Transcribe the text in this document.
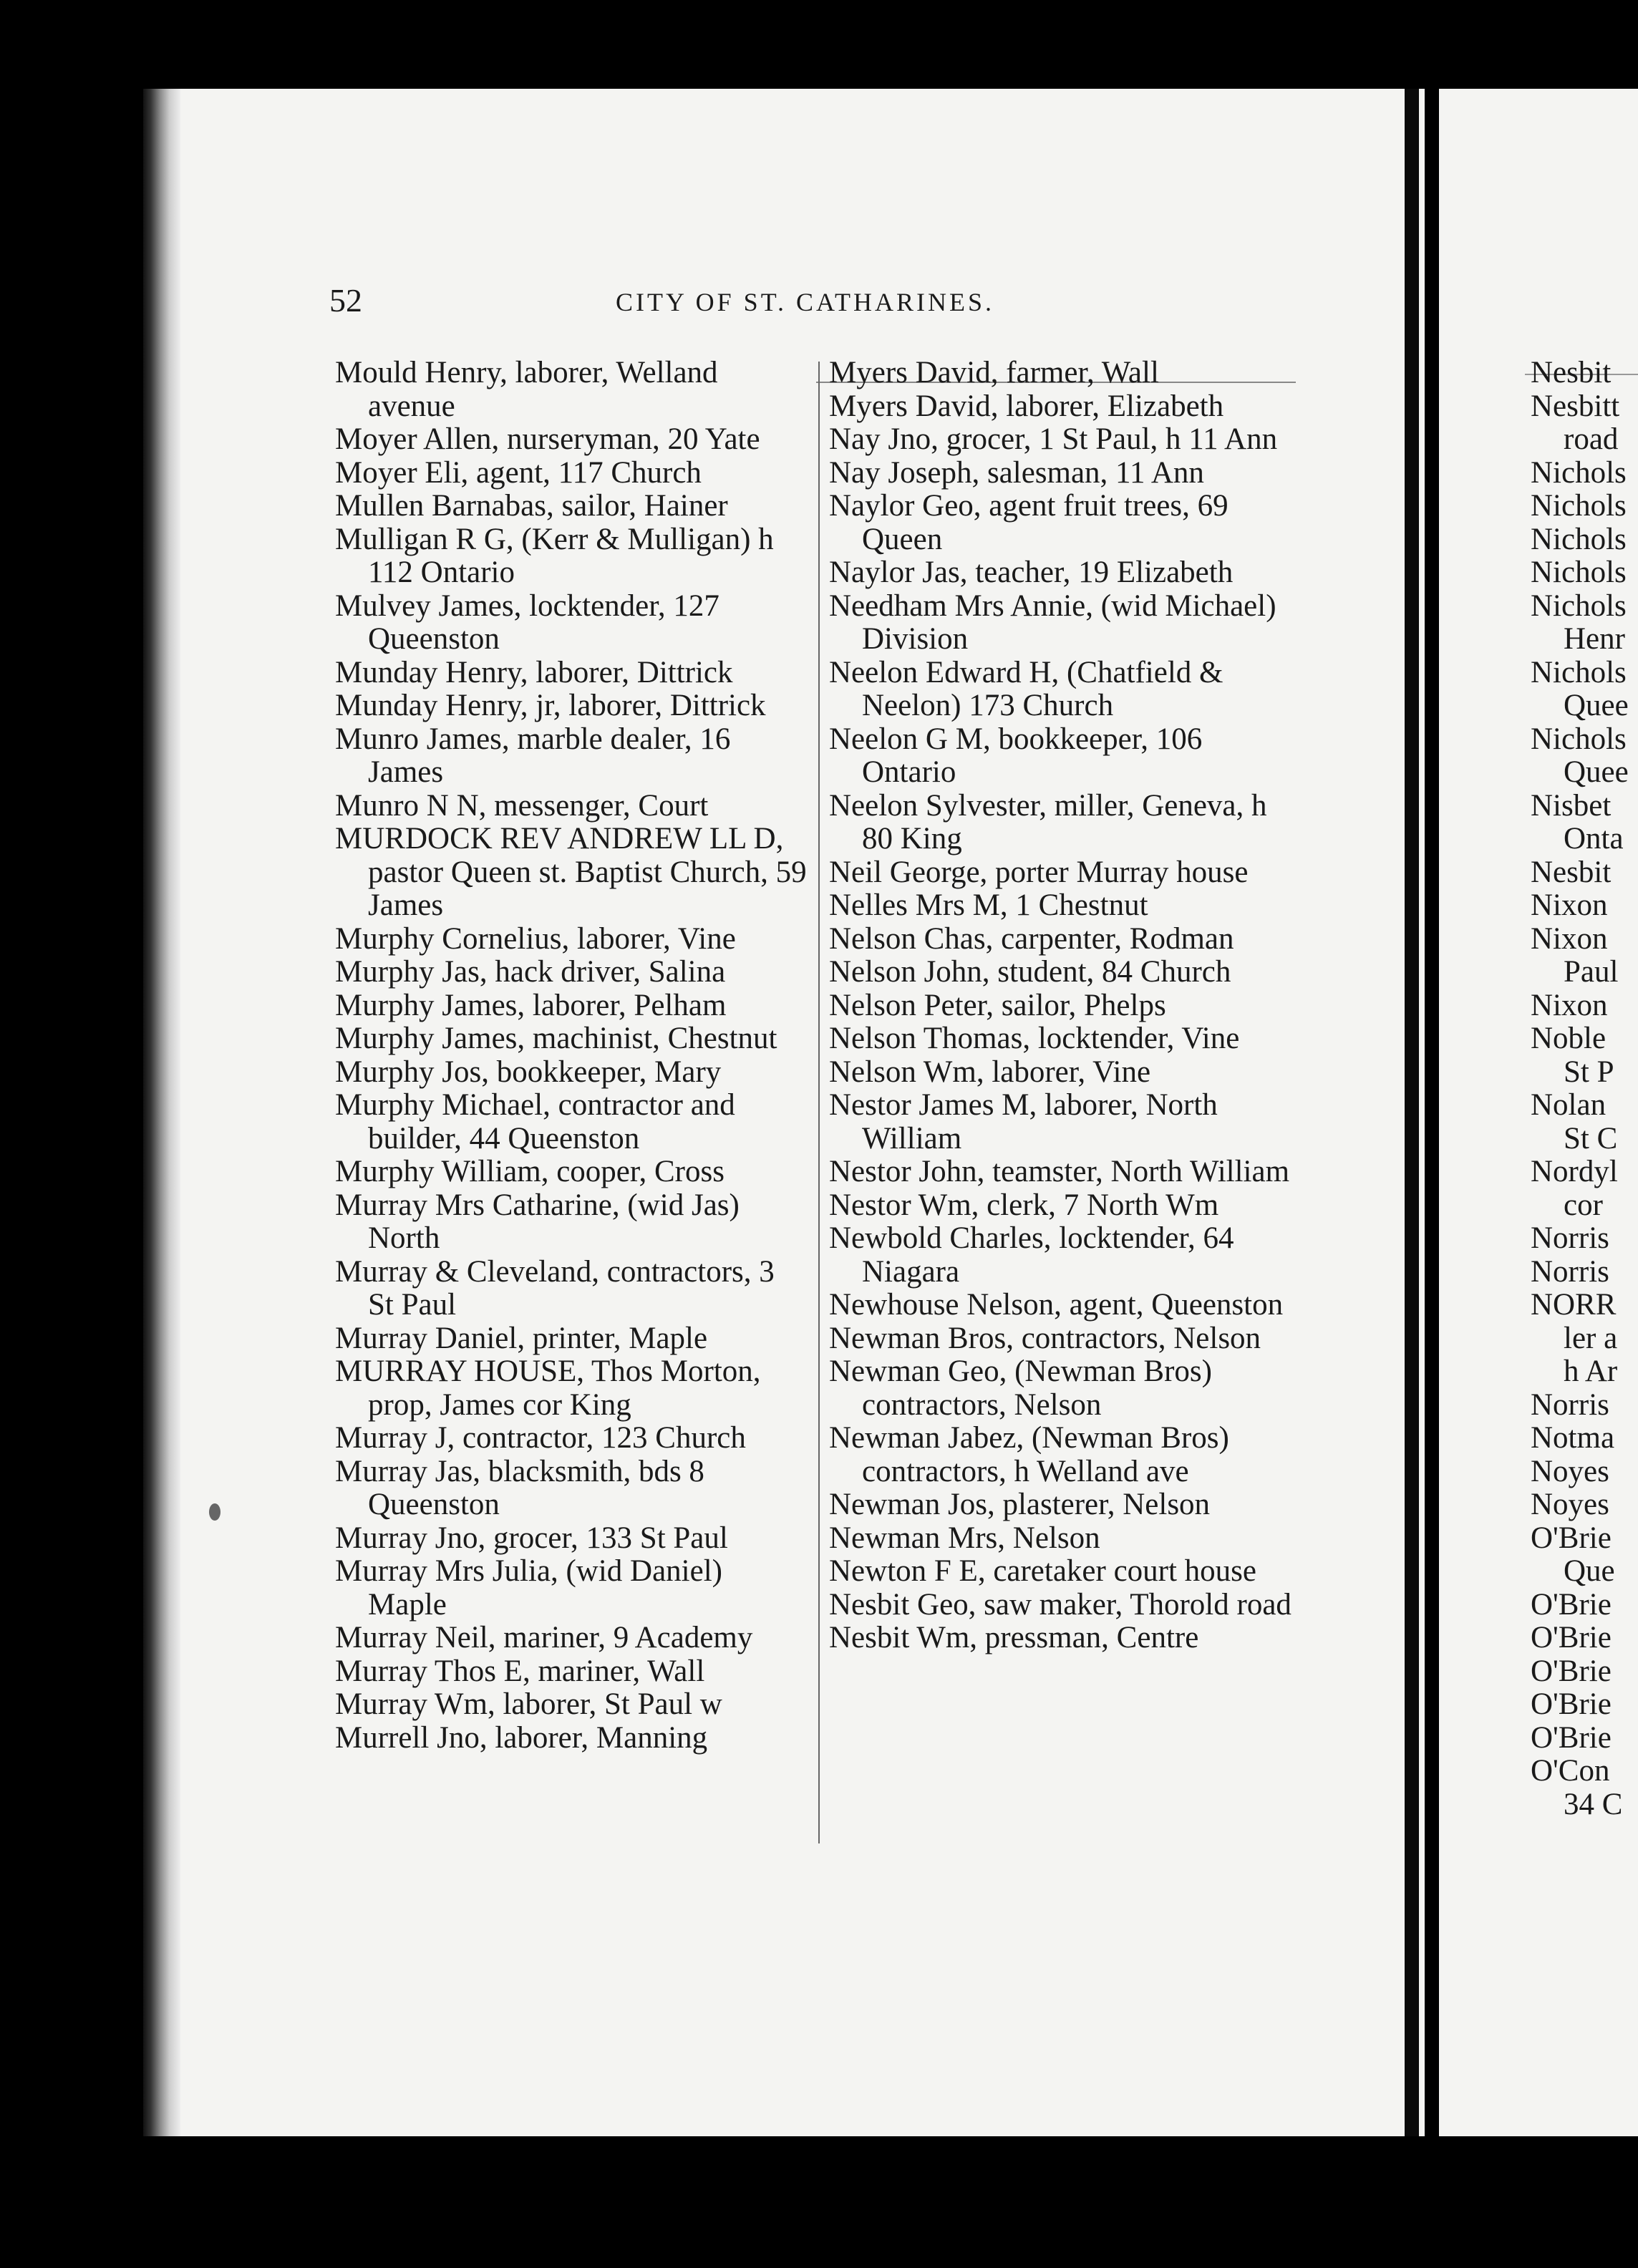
52	CITY OF ST. CATHARINES.
Mould Henry, laborer, Welland avenue
Moyer Allen, nurseryman, 20 Yate
Moyer Eli, agent, 117 Church
Mullen Barnabas, sailor, Hainer
Mulligan R G, (Kerr & Mulligan) h 112 Ontario
Mulvey James, locktender, 127 Queenston
Munday Henry, laborer, Dittrick
Munday Henry, jr, laborer, Dittrick
Munro James, marble dealer, 16 James
Munro N N, messenger, Court
MURDOCK REV ANDREW LL D, pastor Queen st. Baptist Church, 59 James
Murphy Cornelius, laborer, Vine
Murphy Jas, hack driver, Salina
Murphy James, laborer, Pelham
Murphy James, machinist, Chestnut
Murphy Jos, bookkeeper, Mary
Murphy Michael, contractor and builder, 44 Queenston
Murphy William, cooper, Cross
Murray Mrs Catharine, (wid Jas) North
Murray & Cleveland, contractors, 3 St Paul
Murray Daniel, printer, Maple
MURRAY HOUSE, Thos Morton, prop, James cor King
Murray J, contractor, 123 Church
Murray Jas, blacksmith, bds 8 Queenston
Murray Jno, grocer, 133 St Paul
Murray Mrs Julia, (wid Daniel) Maple
Murray Neil, mariner, 9 Academy
Murray Thos E, mariner, Wall
Murray Wm, laborer, St Paul w
Murrell Jno, laborer, Manning
Myers David, farmer, Wall
Myers David, laborer, Elizabeth
Nay Jno, grocer, 1 St Paul, h 11 Ann
Nay Joseph, salesman, 11 Ann
Naylor Geo, agent fruit trees, 69 Queen
Naylor Jas, teacher, 19 Elizabeth
Needham Mrs Annie, (wid Michael) Division
Neelon Edward H, (Chatfield & Neelon) 173 Church
Neelon G M, bookkeeper, 106 Ontario
Neelon Sylvester, miller, Geneva, h 80 King
Neil George, porter Murray house
Nelles Mrs M, 1 Chestnut
Nelson Chas, carpenter, Rodman
Nelson John, student, 84 Church
Nelson Peter, sailor, Phelps
Nelson Thomas, locktender, Vine
Nelson Wm, laborer, Vine
Nestor James M, laborer, North William
Nestor John, teamster, North William
Nestor Wm, clerk, 7 North Wm
Newbold Charles, locktender, 64 Niagara
Newhouse Nelson, agent, Queenston
Newman Bros, contractors, Nelson
Newman Geo, (Newman Bros) contractors, Nelson
Newman Jabez, (Newman Bros) contractors, h Welland ave
Newman Jos, plasterer, Nelson
Newman Mrs, Nelson
Newton F E, caretaker court house
Nesbit Geo, saw maker, Thorold road
Nesbit Wm, pressman, Centre
Nesbit
Nesbitt
road
Nichols
Nichols
Nichols
Nichols
Nichols
Henr
Nichols
Quee
Nichols
Quee
Nisbet
Onta
Nesbit
Nixon
Nixon
Paul
Nixon
Noble
St P
Nolan
St C
Nordyl
cor
Norris
Norris
NORR
ler a
h Ar
Norris
Notma
Noyes
Noyes
O'Brie
Que
O'Brie
O'Brie
O'Brie
O'Brie
O'Brie
O'Con
34 C
